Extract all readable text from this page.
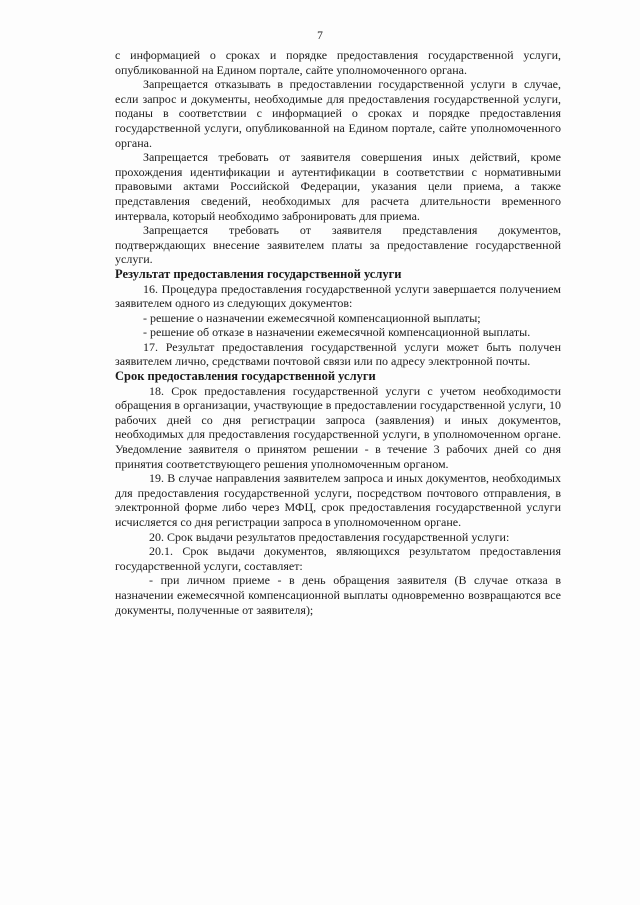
7

с информацией о сроках и порядке предоставления государственной услуги, опубликованной на Едином портале, сайте уполномоченного органа.

Запрещается отказывать в предоставлении государственной услуги в случае, если запрос и документы, необходимые для предоставления государственной услуги, поданы в соответствии с информацией о сроках и порядке предоставления государственной услуги, опубликованной на Едином портале, сайте уполномоченного органа.

Запрещается требовать от заявителя совершения иных действий, кроме прохождения идентификации и аутентификации в соответствии с нормативными правовыми актами Российской Федерации, указания цели приема, а также представления сведений, необходимых для расчета длительности временного интервала, который необходимо забронировать для приема.

Запрещается требовать от заявителя представления документов, подтверждающих внесение заявителем платы за предоставление государственной услуги.

Результат предоставления государственной услуги

16. Процедура предоставления государственной услуги завершается получением заявителем одного из следующих документов:

- решение о назначении ежемесячной компенсационной выплаты;

- решение об отказе в назначении ежемесячной компенсационной выплаты.

17. Результат предоставления государственной услуги может быть получен заявителем лично, средствами почтовой связи или по адресу электронной почты.

Срок предоставления государственной услуги

18. Срок предоставления государственной услуги с учетом необходимости обращения в организации, участвующие в предоставлении государственной услуги, 10 рабочих дней со дня регистрации запроса (заявления) и иных документов, необходимых для предоставления государственной услуги, в уполномоченном органе. Уведомление заявителя о принятом решении - в течение 3 рабочих дней со дня принятия соответствующего решения уполномоченным органом.

19. В случае направления заявителем запроса и иных документов, необходимых для предоставления государственной услуги, посредством почтового отправления, в электронной форме либо через МФЦ, срок предоставления государственной услуги исчисляется со дня регистрации запроса в уполномоченном органе.

20. Срок выдачи результатов предоставления государственной услуги:

20.1. Срок выдачи документов, являющихся результатом предоставления государственной услуги, составляет:

- при личном приеме - в день обращения заявителя (В случае отказа в назначении ежемесячной компенсационной выплаты одновременно возвращаются все документы, полученные от заявителя);
